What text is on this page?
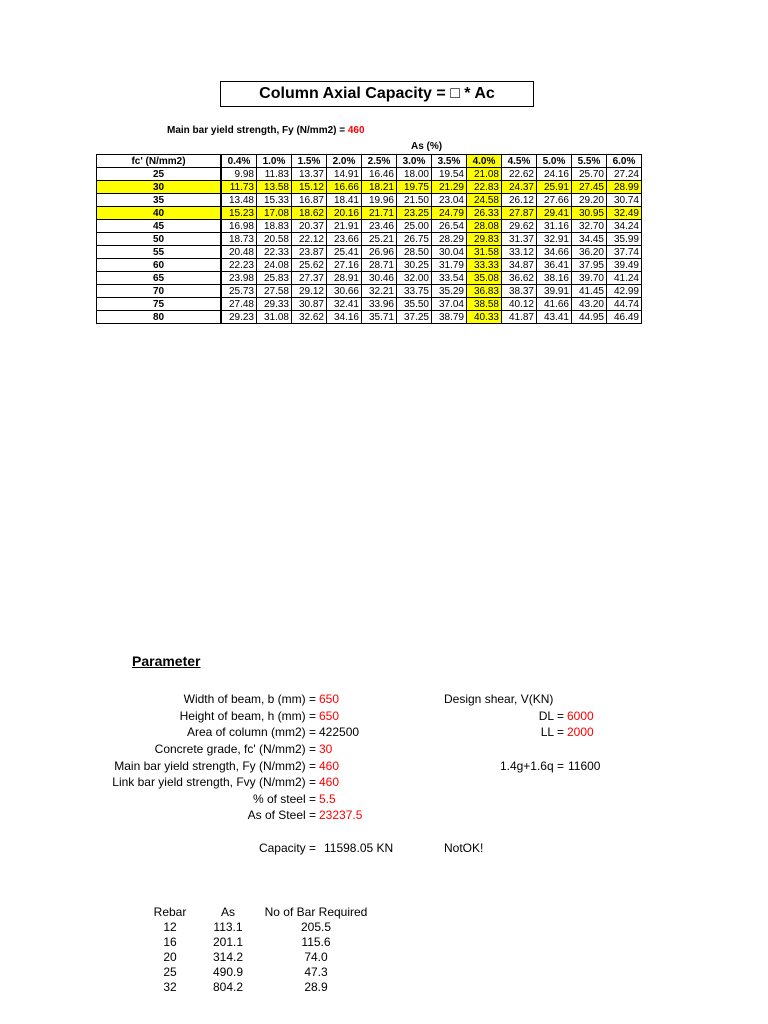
Column Axial Capacity = □ * Ac
Main bar yield strength, Fy (N/mm2) = 460
As (%)
fc' (N/mm2)		0.4%	1.0%	1.5%	2.0%	2.5%	3.0%	3.5%	4.0%	4.5%	5.0%	5.5%	6.0%
25		9.98	11.83	13.37	14.91	16.46	18.00	19.54	21.08	22.62	24.16	25.70	27.24
30		11.73	13.58	15.12	16.66	18.21	19.75	21.29	22.83	24.37	25.91	27.45	28.99
35		13.48	15.33	16.87	18.41	19.96	21.50	23.04	24.58	26.12	27.66	29.20	30.74
40		15.23	17.08	18.62	20.16	21.71	23.25	24.79	26.33	27.87	29.41	30.95	32.49
45		16.98	18.83	20.37	21.91	23.46	25.00	26.54	28.08	29.62	31.16	32.70	34.24
50		18.73	20.58	22.12	23.66	25.21	26.75	28.29	29.83	31.37	32.91	34.45	35.99
55		20.48	22.33	23.87	25.41	26.96	28.50	30.04	31.58	33.12	34.66	36.20	37.74
60		22.23	24.08	25.62	27.16	28.71	30.25	31.79	33.33	34.87	36.41	37.95	39.49
65		23.98	25.83	27.37	28.91	30.46	32.00	33.54	35.08	36.62	38.16	39.70	41.24
70		25.73	27.58	29.12	30.66	32.21	33.75	35.29	36.83	38.37	39.91	41.45	42.99
75		27.48	29.33	30.87	32.41	33.96	35.50	37.04	38.58	40.12	41.66	43.20	44.74
80		29.23	31.08	32.62	34.16	35.71	37.25	38.79	40.33	41.87	43.41	44.95	46.49
Parameter
Width of beam, b (mm) = 650
Height of beam, h (mm) = 650
Area of column (mm2) = 422500
Concrete grade, fc' (N/mm2) = 30
Main bar yield strength, Fy (N/mm2) = 460
Link bar yield strength, Fvy (N/mm2) = 460
% of steel = 5.5
As of Steel = 23237.5
Capacity = 11598.05 KN	NotOK!
Design shear, V(KN)
DL = 6000
LL = 2000
1.4g+1.6q = 11600
Rebar	As	No of Bar Required
12	113.1	205.5
16	201.1	115.6
20	314.2	74.0
25	490.9	47.3
32	804.2	28.9
